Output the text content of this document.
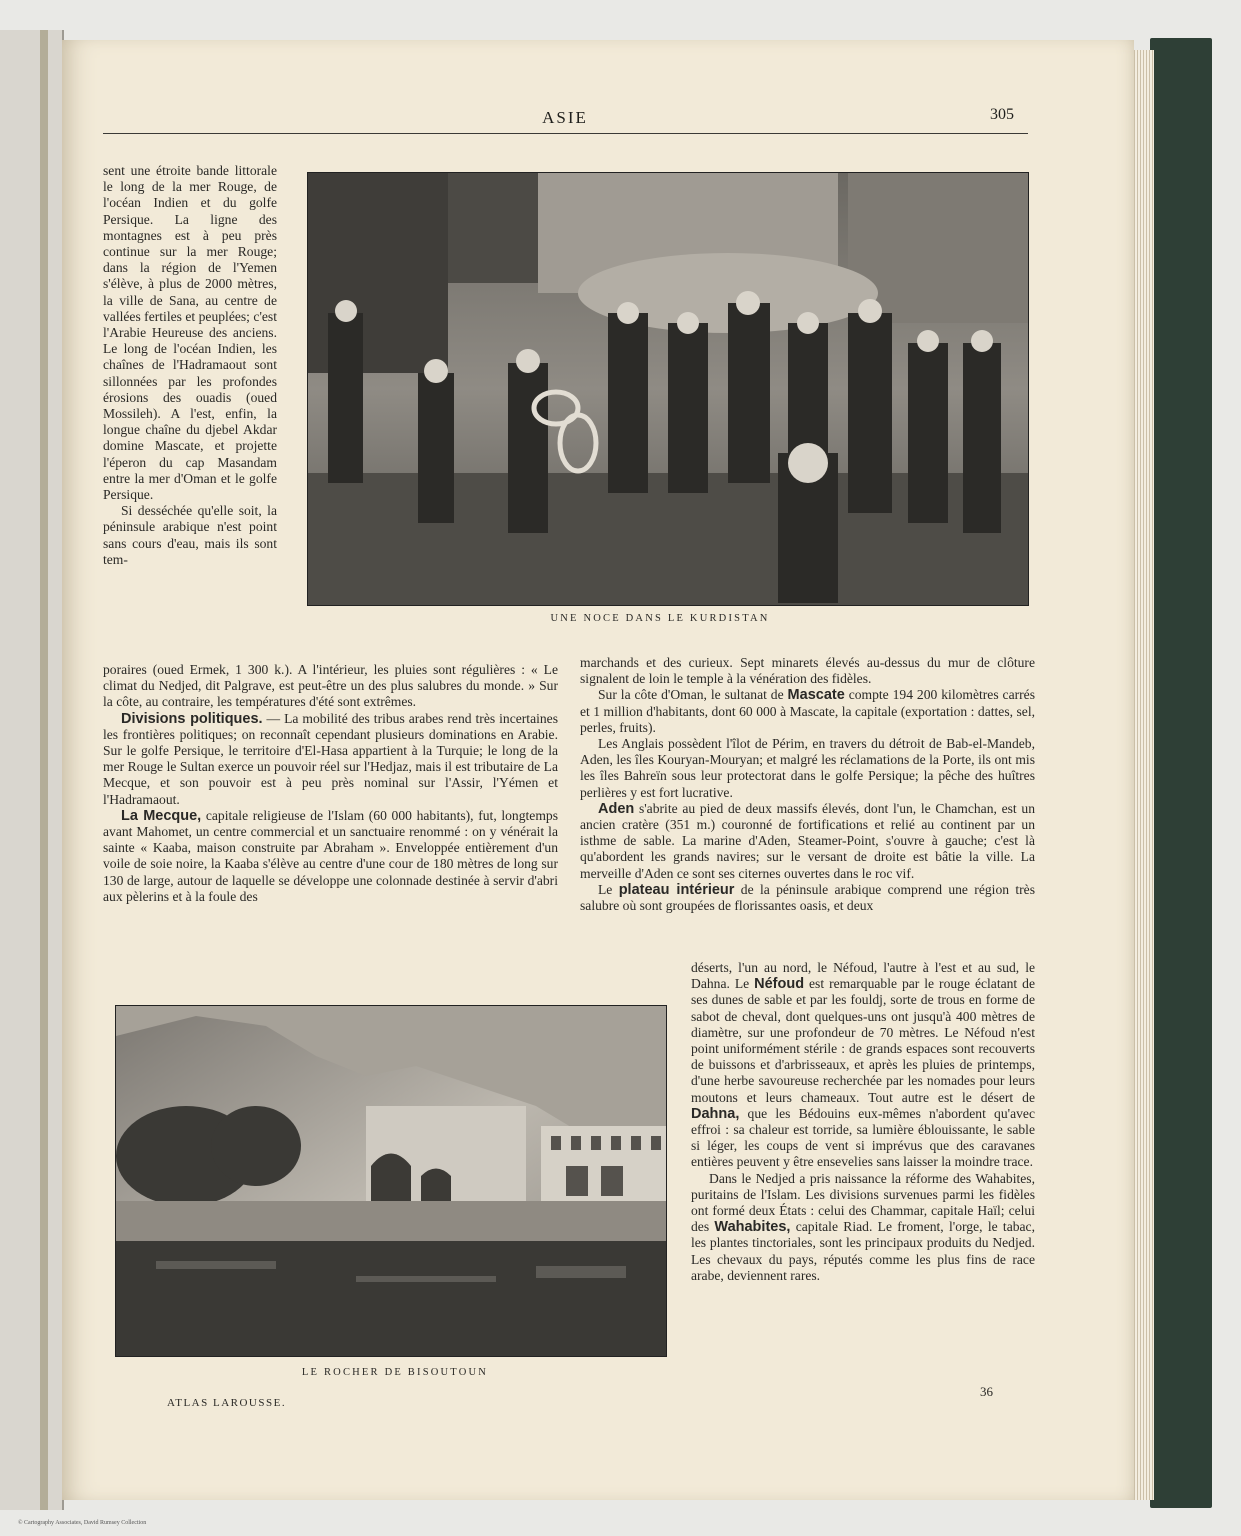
ASIE	305
UNE NOCE DANS LE KURDISTAN

sent une étroite bande littorale le long de la mer Rouge, de l'océan Indien et du golfe Persique. La ligne des montagnes est à peu près continue sur la mer Rouge; dans la région de l'Yemen s'élève, à plus de 2000 mètres, la ville de Sana, au centre de vallées fertiles et peuplées; c'est l'Arabie Heureuse des anciens. Le long de l'océan Indien, les chaînes de l'Hadramaout sont sillonnées par les profondes érosions des ouadis (oued Mossileh). A l'est, enfin, la longue chaîne du djebel Akdar domine Mascate, et projette l'éperon du cap Masandam entre la mer d'Oman et le golfe Persique.

Si desséchée qu'elle soit, la péninsule arabique n'est point sans cours d'eau, mais ils sont tem-

poraires (oued Ermek, 1 300 k.). A l'intérieur, les pluies sont régulières : « Le climat du Nedjed, dit Palgrave, est peut-être un des plus salubres du monde. » Sur la côte, au contraire, les températures d'été sont extrêmes.

Divisions politiques. — La mobilité des tribus arabes rend très incertaines les frontières politiques; on reconnaît cependant plusieurs dominations en Arabie. Sur le golfe Persique, le territoire d'El-Hasa appartient à la Turquie; le long de la mer Rouge le Sultan exerce un pouvoir réel sur l'Hedjaz, mais il est tributaire de La Mecque, et son pouvoir est à peu près nominal sur l'Assir, l'Yémen et l'Hadramaout.

La Mecque, capitale religieuse de l'Islam (60 000 habitants), fut, longtemps avant Mahomet, un centre commercial et un sanctuaire renommé : on y vénérait la sainte « Kaaba, maison construite par Abraham ». Enveloppée entièrement d'un voile de soie noire, la Kaaba s'élève au centre d'une cour de 180 mètres de long sur 130 de large, autour de laquelle se développe une colonnade destinée à servir d'abri aux pèlerins et à la foule des

marchands et des curieux. Sept minarets élevés au-dessus du mur de clôture signalent de loin le temple à la vénération des fidèles.

Sur la côte d'Oman, le sultanat de Mascate compte 194 200 kilomètres carrés et 1 million d'habitants, dont 60 000 à Mascate, la capitale (exportation : dattes, sel, perles, fruits).

Les Anglais possèdent l'îlot de Périm, en travers du détroit de Bab-el-Mandeb, Aden, les îles Kouryan-Mouryan; et malgré les réclamations de la Porte, ils ont mis les îles Bahreïn sous leur protectorat dans le golfe Persique; la pêche des huîtres perlières y est fort lucrative.

Aden s'abrite au pied de deux massifs élevés, dont l'un, le Chamchan, est un ancien cratère (351 m.) couronné de fortifications et relié au continent par un isthme de sable. La marine d'Aden, Steamer-Point, s'ouvre à gauche; c'est là qu'abordent les grands navires; sur le versant de droite est bâtie la ville. La merveille d'Aden ce sont ses citernes ouvertes dans le roc vif.

Le plateau intérieur de la péninsule arabique comprend une région très salubre où sont groupées de florissantes oasis, et deux

déserts, l'un au nord, le Néfoud, l'autre à l'est et au sud, le Dahna. Le Néfoud est remarquable par le rouge éclatant de ses dunes de sable et par les fouldj, sorte de trous en forme de sabot de cheval, dont quelques-uns ont jusqu'à 400 mètres de diamètre, sur une profondeur de 70 mètres. Le Néfoud n'est point uniformément stérile : de grands espaces sont recouverts de buissons et d'arbrisseaux, et après les pluies de printemps, d'une herbe savoureuse recherchée par les nomades pour leurs moutons et leurs chameaux. Tout autre est le désert de Dahna, que les Bédouins eux-mêmes n'abordent qu'avec effroi : sa chaleur est torride, sa lumière éblouissante, le sable si léger, les coups de vent si imprévus que des caravanes entières peuvent y être ensevelies sans laisser la moindre trace.

Dans le Nedjed a pris naissance la réforme des Wahabites, puritains de l'Islam. Les divisions survenues parmi les fidèles ont formé deux États : celui des Chammar, capitale Haïl; celui des Wahabites, capitale Riad. Le froment, l'orge, le tabac, les plantes tinctoriales, sont les principaux produits du Nedjed. Les chevaux du pays, réputés comme les plus fins de race arabe, deviennent rares.

LE ROCHER DE BISOUTOUN
ATLAS LAROUSSE.
36
© Cartography Associates, David Rumsey Collection
